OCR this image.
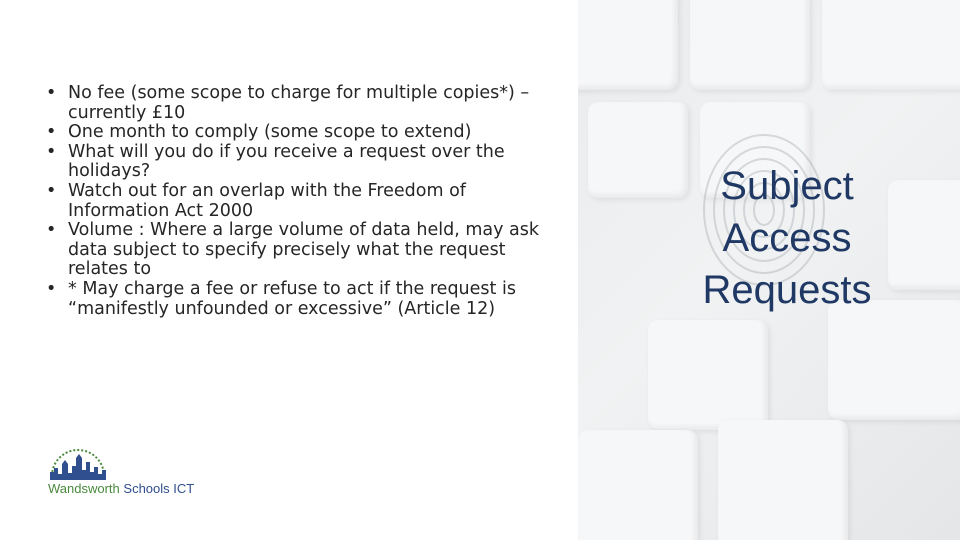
• No fee (some scope to charge for multiple copies*) – currently £10
• One month to comply (some scope to extend)
• What will you do if you receive a request over the holidays?
• Watch out for an overlap with the Freedom of Information Act 2000
• Volume : Where a large volume of data held, may ask data subject to specify precisely what the request relates to
• * May charge a fee or refuse to act if the request is “manifestly unfounded or excessive” (Article 12)
Wandsworth Schools ICT
Subject
Access
Requests
